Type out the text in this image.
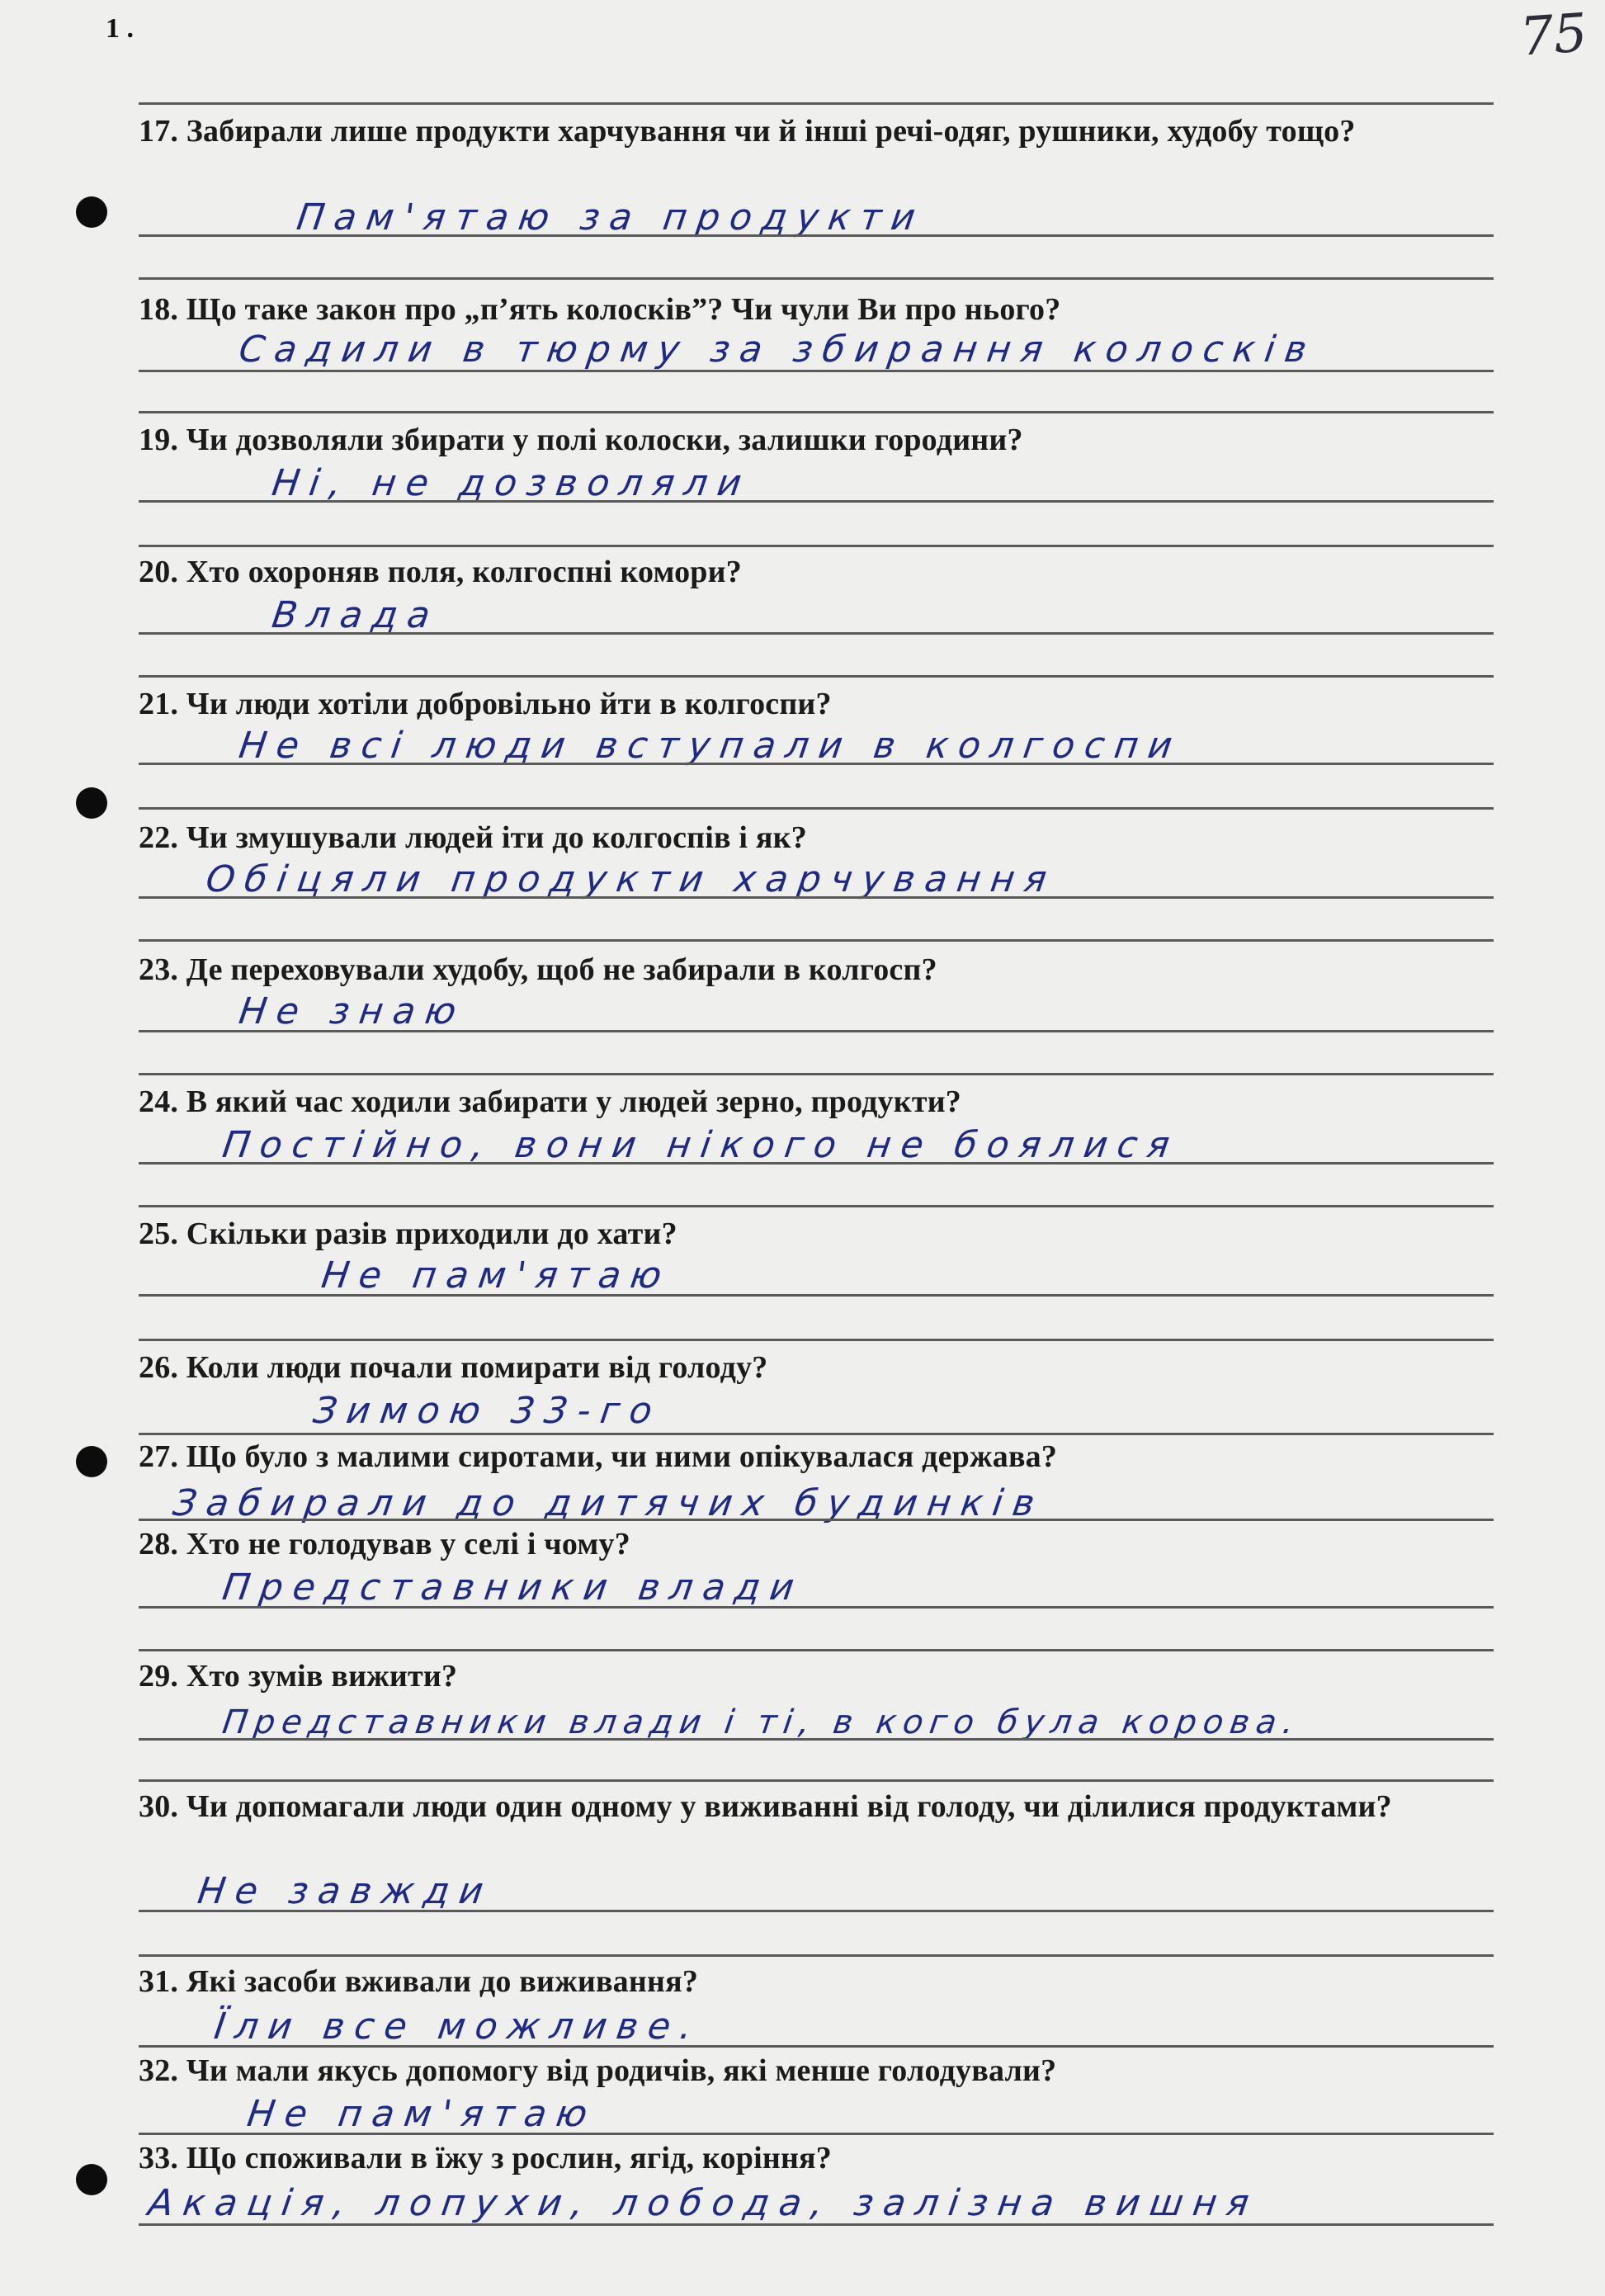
75
1 .
17. Забирали лише продукти харчування чи й інші речі-одяг, рушники, худобу тощо?
Пам'ятаю за продукти
18. Що таке закон про „п’ять колосків”? Чи чули Ви про нього?
Садили в тюрму за збирання колосків
19. Чи дозволяли збирати у полі колоски, залишки городини?
Ні, не дозволяли
20. Хто охороняв поля, колгоспні комори?
Влада
21. Чи люди хотіли добровільно йти в колгоспи?
Не всі люди вступали в колгоспи
22. Чи змушували людей іти до колгоспів і як?
Обіцяли продукти харчування
23. Де переховували худобу, щоб не забирали в колгосп?
Не знаю
24. В який час ходили забирати у людей зерно, продукти?
Постійно, вони нікого не боялися
25. Скільки разів приходили до хати?
Не пам'ятаю
26. Коли люди почали помирати від голоду?
Зимою 33-го
27. Що було з малими сиротами, чи ними опікувалася держава?
Забирали до дитячих будинків
28. Хто не голодував у селі і чому?
Представники влади
29. Хто зумів вижити?
Представники влади і ті, в кого була корова.
30. Чи допомагали люди один одному у виживанні від голоду, чи ділилися продуктами?
Не завжди
31. Які засоби вживали до виживання?
Їли все можливе.
32. Чи мали якусь допомогу від родичів, які менше голодували?
Не пам'ятаю
33. Що споживали в їжу з рослин, ягід, коріння?
Акація, лопухи, лобода, залізна вишня
